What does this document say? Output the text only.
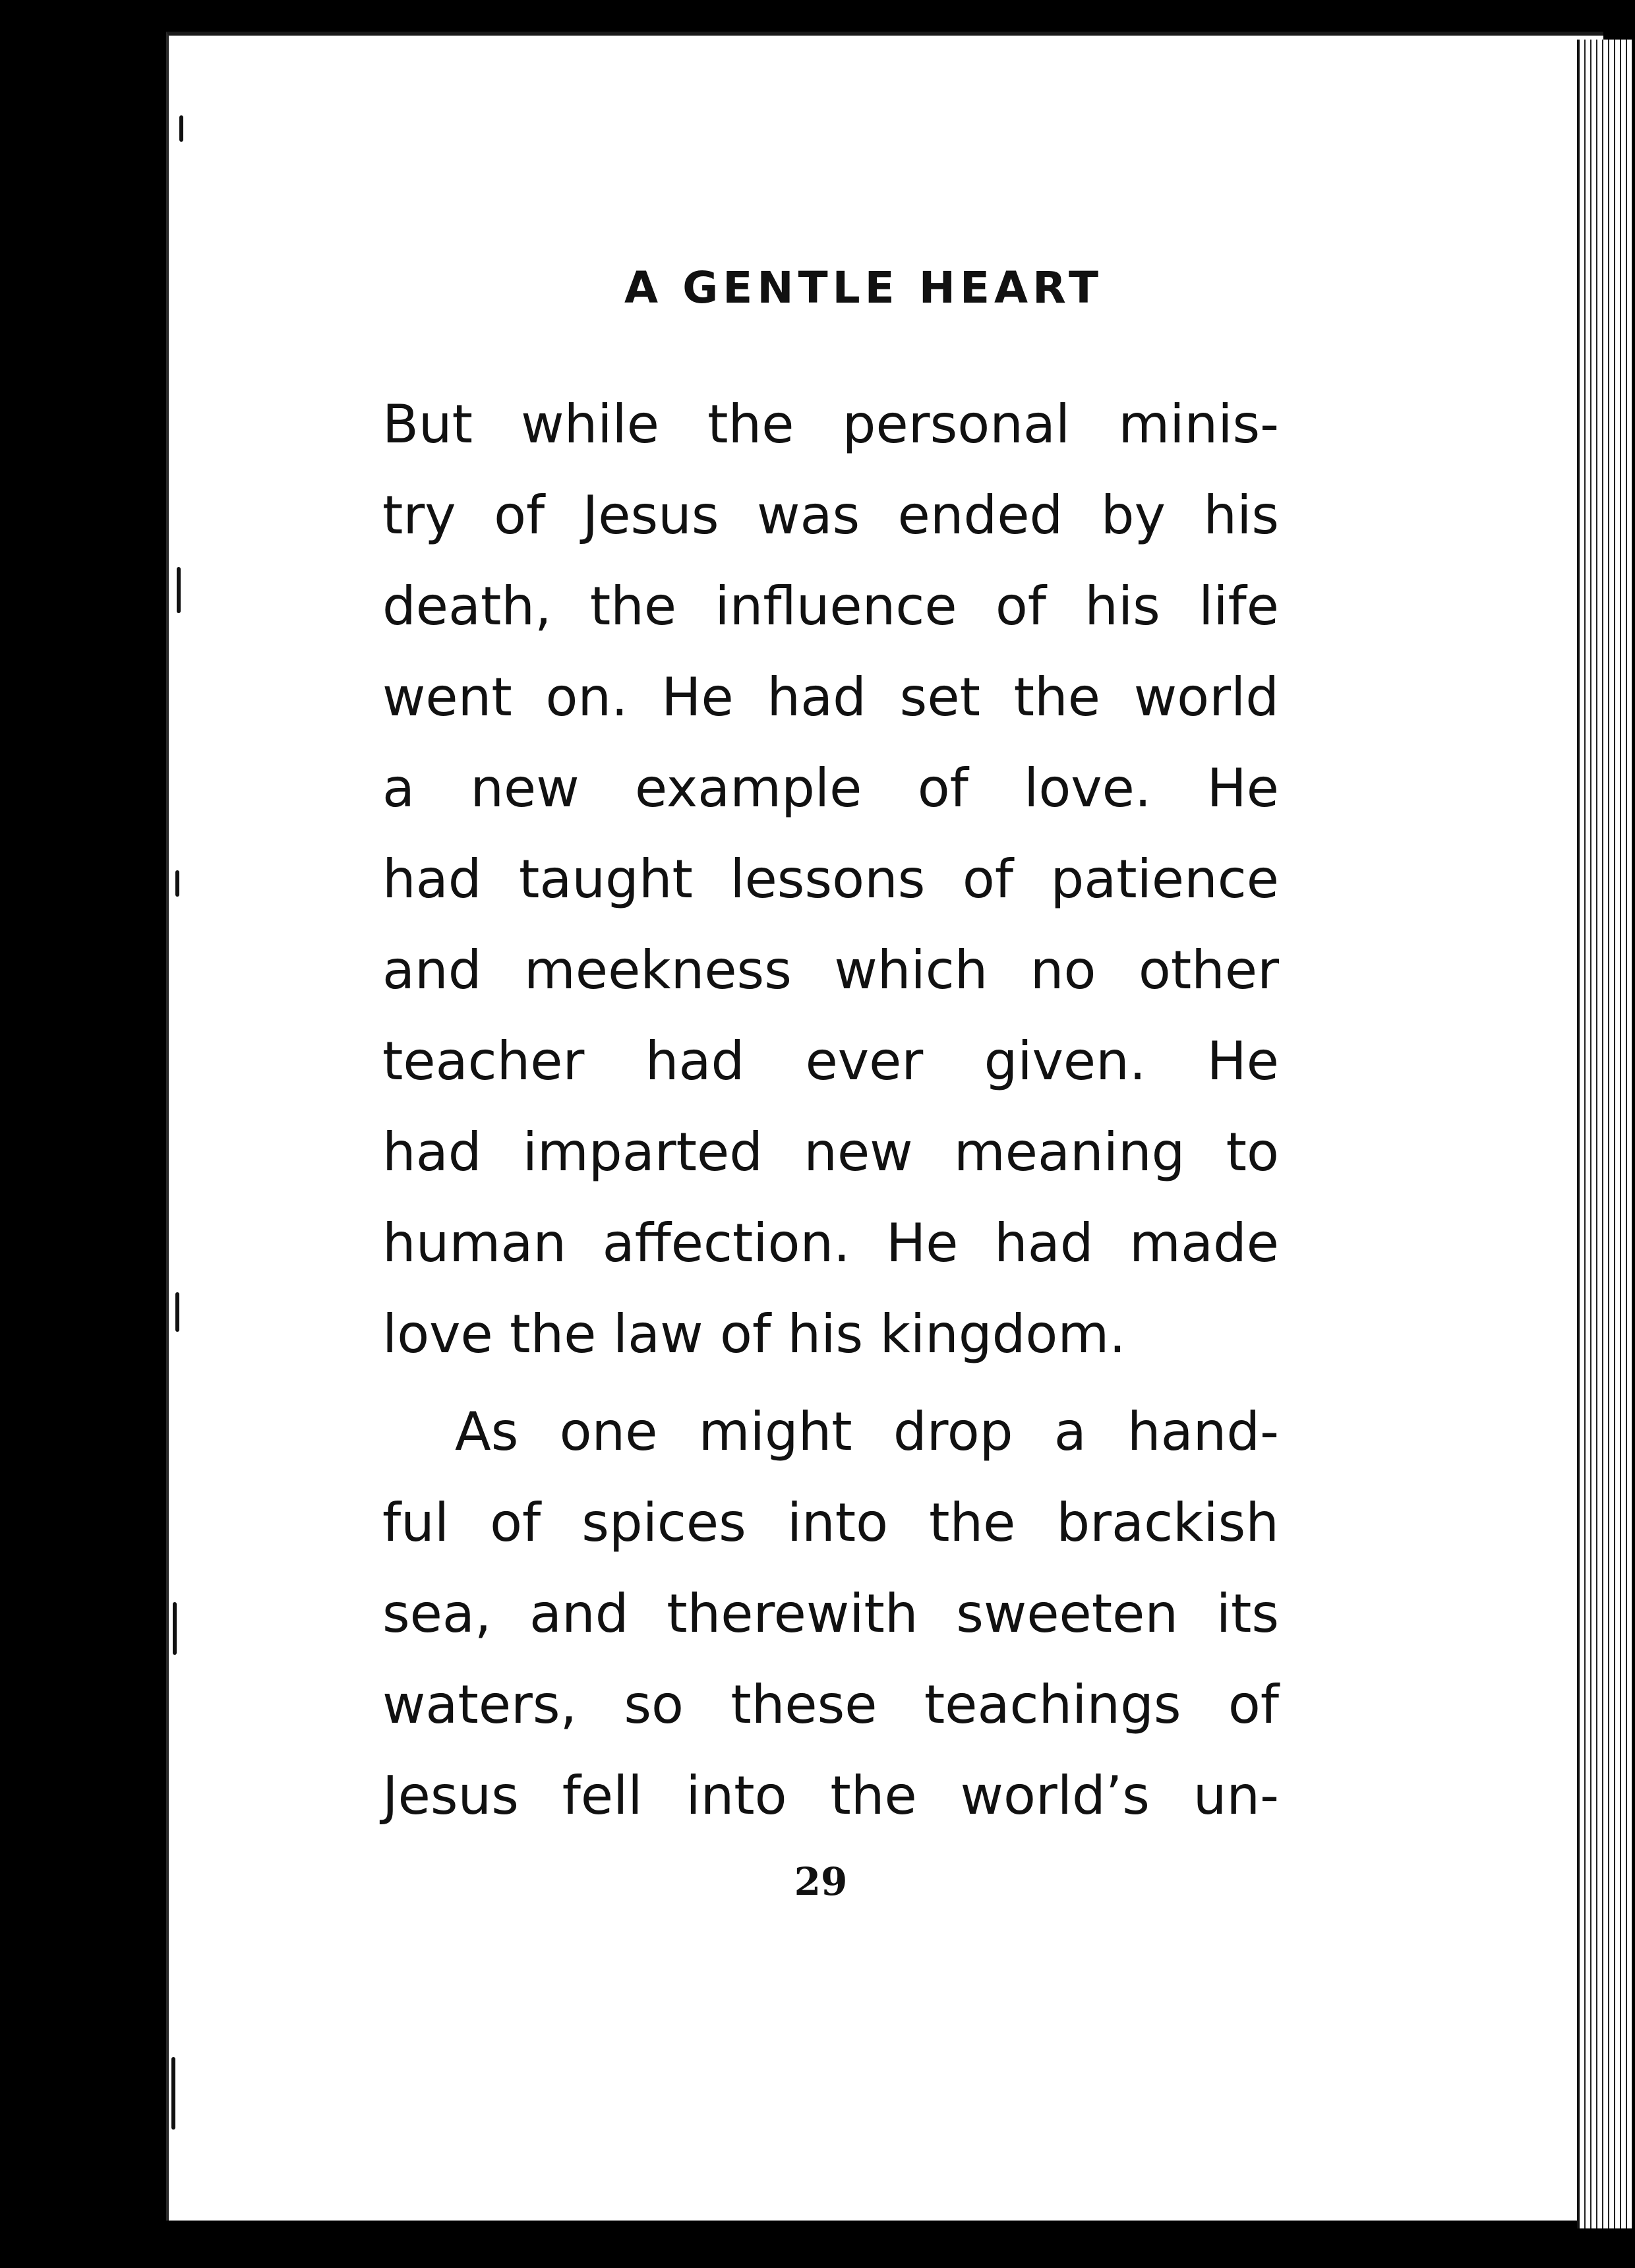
A GENTLE HEART
But while the personal minis-
try of Jesus was ended by his
death, the influence of his life
went on. He had set the world
a new example of love. He
had taught lessons of patience
and meekness which no other
teacher had ever given. He
had imparted new meaning to
human affection. He had made
love the law of his kingdom.
As one might drop a hand-
ful of spices into the brackish
sea, and therewith sweeten its
waters, so these teachings of
Jesus fell into the world’s un-
29
